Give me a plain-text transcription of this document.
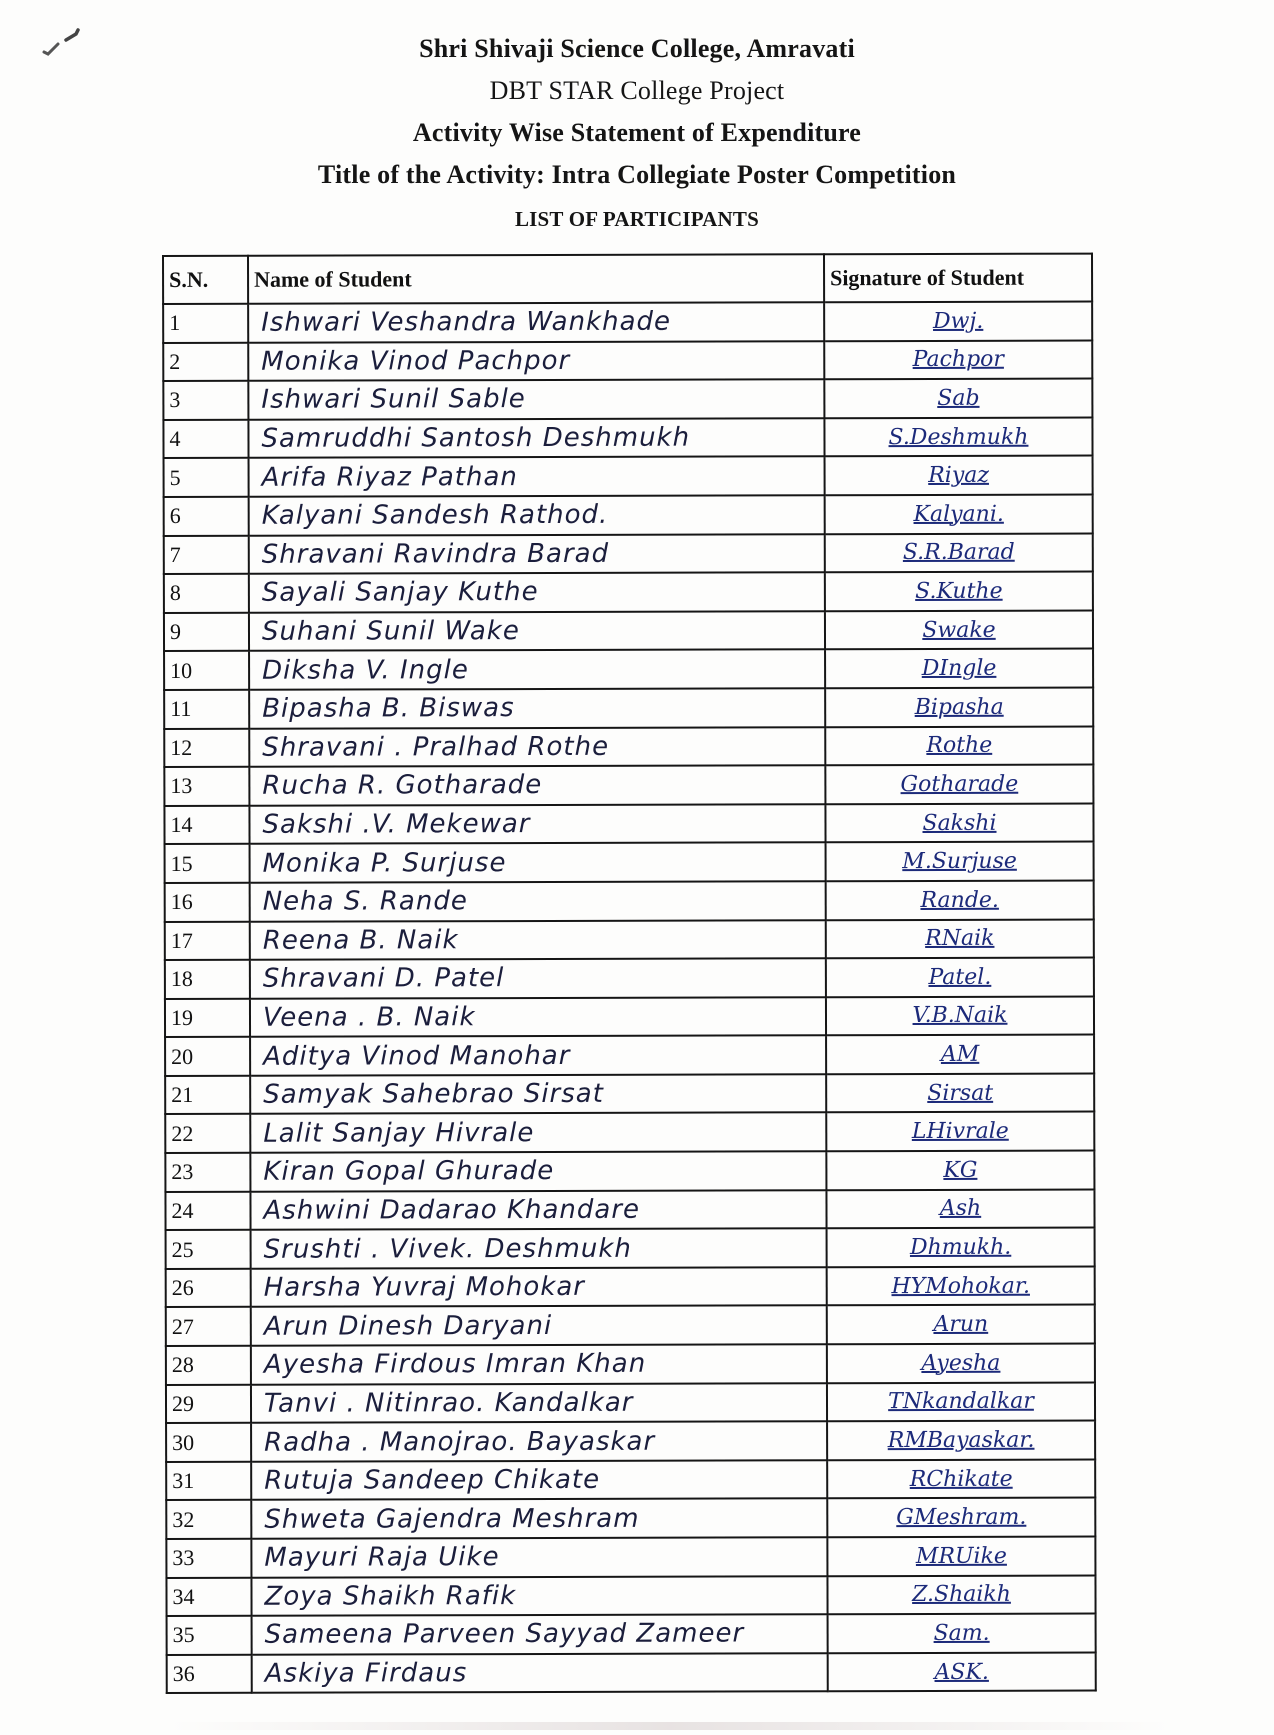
Shri Shivaji Science College, Amravati
DBT STAR College Project
Activity Wise Statement of Expenditure
Title of the Activity: Intra Collegiate Poster Competition
LIST OF PARTICIPANTS
S.N.	Name of Student	Signature of Student
1	Ishwari Veshandra Wankhade	Dwj.
2	Monika Vinod Pachpor	Pachpor
3	Ishwari Sunil Sable	Sab
4	Samruddhi Santosh Deshmukh	S.Deshmukh
5	Arifa Riyaz Pathan	Riyaz
6	Kalyani Sandesh Rathod.	Kalyani.
7	Shravani Ravindra Barad	S.R.Barad
8	Sayali Sanjay Kuthe	S.Kuthe
9	Suhani Sunil Wake	Swake
10	Diksha V. Ingle	DIngle
11	Bipasha B. Biswas	Bipasha
12	Shravani . Pralhad Rothe	Rothe
13	Rucha R. Gotharade	Gotharade
14	Sakshi .V. Mekewar	Sakshi
15	Monika P. Surjuse	M.Surjuse
16	Neha S. Rande	Rande.
17	Reena B. Naik	RNaik
18	Shravani D. Patel	Patel.
19	Veena . B. Naik	V.B.Naik
20	Aditya Vinod Manohar	AM
21	Samyak Sahebrao Sirsat	Sirsat
22	Lalit Sanjay Hivrale	LHivrale
23	Kiran Gopal Ghurade	KG
24	Ashwini Dadarao Khandare	Ash
25	Srushti . Vivek. Deshmukh	Dhmukh.
26	Harsha Yuvraj Mohokar	HYMohokar.
27	Arun Dinesh Daryani	Arun
28	Ayesha Firdous Imran Khan	Ayesha
29	Tanvi . Nitinrao. Kandalkar	TNkandalkar
30	Radha . Manojrao. Bayaskar	RMBayaskar.
31	Rutuja Sandeep Chikate	RChikate
32	Shweta Gajendra Meshram	GMeshram.
33	Mayuri Raja Uike	MRUike
34	Zoya Shaikh Rafik	Z.Shaikh
35	Sameena Parveen Sayyad Zameer	Sam.
36	Askiya Firdaus	ASK.
